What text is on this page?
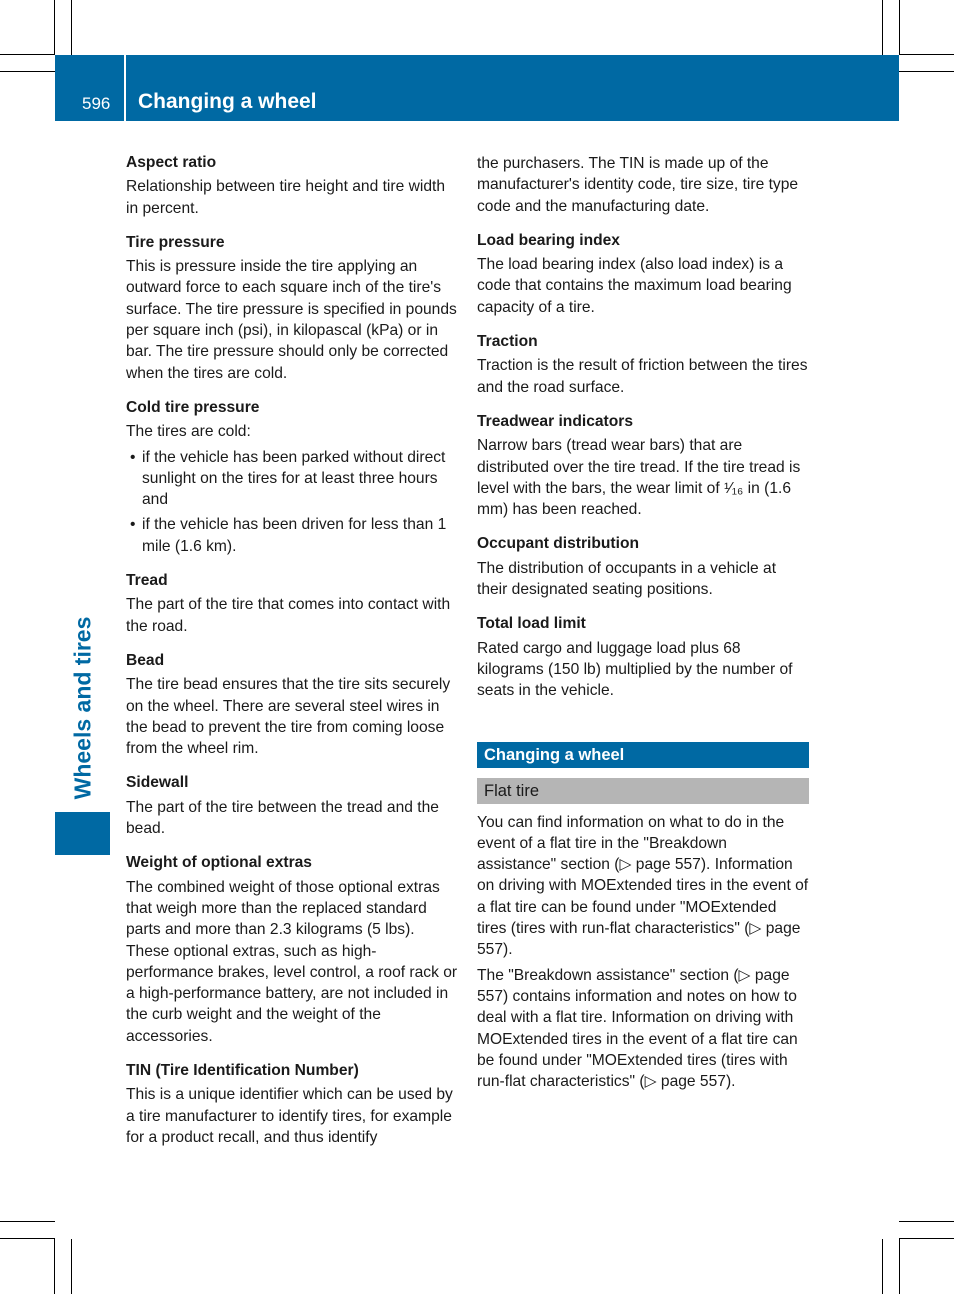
596 Changing a wheel
Wheels and tires

Aspect ratio

Relationship between tire height and tire width in percent.

Tire pressure

This is pressure inside the tire applying an outward force to each square inch of the tire's surface. The tire pressure is specified in pounds per square inch (psi), in kilopascal (kPa) or in bar. The tire pressure should only be corrected when the tires are cold.

Cold tire pressure

The tires are cold:

• if the vehicle has been parked without direct sunlight on the tires for at least three hours and
• if the vehicle has been driven for less than 1 mile (1.6 km).

Tread

The part of the tire that comes into contact with the road.

Bead

The tire bead ensures that the tire sits securely on the wheel. There are several steel wires in the bead to prevent the tire from coming loose from the wheel rim.

Sidewall

The part of the tire between the tread and the bead.

Weight of optional extras

The combined weight of those optional extras that weigh more than the replaced standard parts and more than 2.3 kilograms (5 lbs). These optional extras, such as high-performance brakes, level control, a roof rack or a high-performance battery, are not included in the curb weight and the weight of the accessories.

TIN (Tire Identification Number)

This is a unique identifier which can be used by a tire manufacturer to identify tires, for example for a product recall, and thus identify

the purchasers. The TIN is made up of the manufacturer's identity code, tire size, tire type code and the manufacturing date.

Load bearing index

The load bearing index (also load index) is a code that contains the maximum load bearing capacity of a tire.

Traction

Traction is the result of friction between the tires and the road surface.

Treadwear indicators

Narrow bars (tread wear bars) that are distributed over the tire tread. If the tire tread is level with the bars, the wear limit of ¹⁄₁₆ in (1.6 mm) has been reached.

Occupant distribution

The distribution of occupants in a vehicle at their designated seating positions.

Total load limit

Rated cargo and luggage load plus 68 kilograms (150 lb) multiplied by the number of seats in the vehicle.

Changing a wheel
Flat tire

You can find information on what to do in the event of a flat tire in the "Breakdown assistance" section (▷ page 557). Information on driving with MOExtended tires in the event of a flat tire can be found under "MOExtended tires (tires with run-flat characteristics" (▷ page 557).

The "Breakdown assistance" section (▷ page 557) contains information and notes on how to deal with a flat tire. Information on driving with MOExtended tires in the event of a flat tire can be found under "MOExtended tires (tires with run-flat characteristics" (▷ page 557).
